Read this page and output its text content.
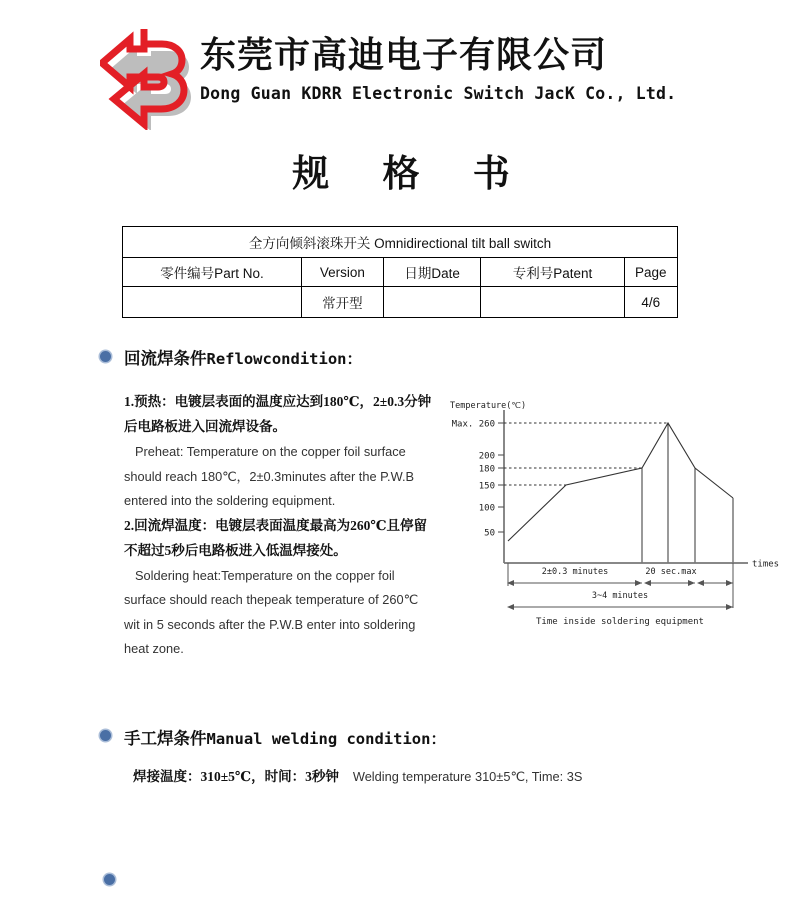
东莞市高迪电子有限公司
Dong Guan KDRR Electronic Switch JacK Co., Ltd.
规 格 书
全方向倾斜滚珠开关 Omnidirectional tilt ball switch				
零件编号Part No.	Version	日期Date	专利号Patent	Page
	常开型			4/6
回流焊条件Reflowcondition：
1.预热：电镀层表面的温度应达到180℃，2±0.3分钟后电路板进入回流焊设备。
Preheat: Temperature on the copper foil surface should reach 180℃，2±0.3minutes after the P.W.B entered into the soldering equipment.
2.回流焊温度：电镀层表面温度最高为260℃且停留不超过5秒后电路板进入低温焊接处。
Soldering heat:Temperature on the copper foil surface should reach thepeak temperature of 260℃ wit in 5 seconds after the P.W.B enter into soldering heat zone.
Temperature(℃)
Max. 260
200
180
150
100
50
times
2±0.3 minutes	20 sec.max
3~4 minutes
Time inside soldering equipment
手工焊条件Manual welding condition：
焊接温度：310±5℃，时间：3秒钟 Welding temperature 310±5℃, Time: 3S
